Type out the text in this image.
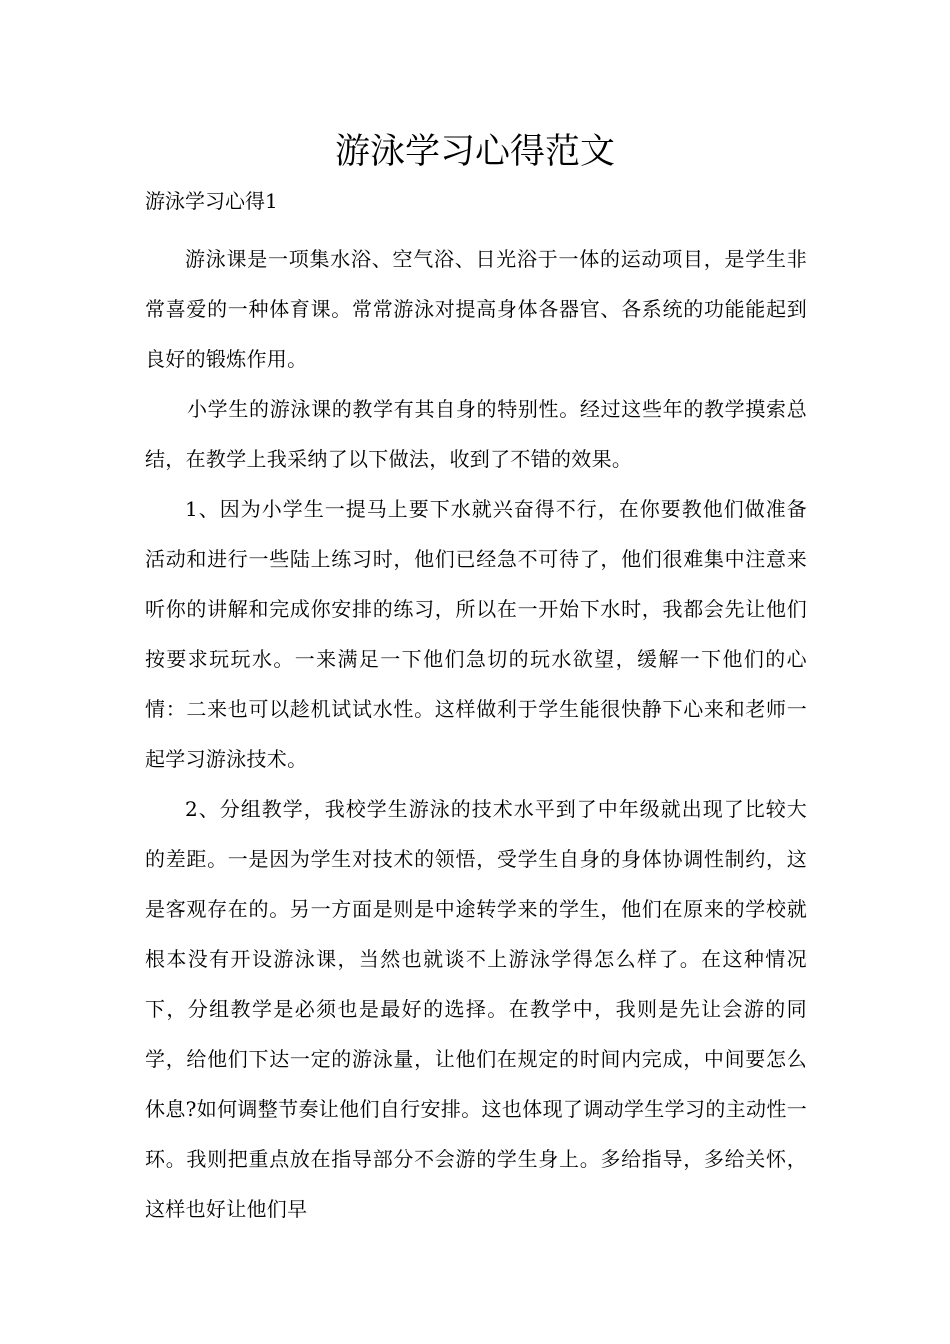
游泳学习心得范文

游泳学习心得1

游泳课是一项集水浴、空气浴、日光浴于一体的运动项目，是学生非常喜爱的一种体育课。常常游泳对提高身体各器官、各系统的功能能起到良好的锻炼作用。

小学生的游泳课的教学有其自身的特别性。经过这些年的教学摸索总结，在教学上我采纳了以下做法，收到了不错的效果。

1、因为小学生一提马上要下水就兴奋得不行，在你要教他们做准备活动和进行一些陆上练习时，他们已经急不可待了，他们很难集中注意来听你的讲解和完成你安排的练习，所以在一开始下水时，我都会先让他们按要求玩玩水。一来满足一下他们急切的玩水欲望，缓解一下他们的心情：二来也可以趁机试试水性。这样做利于学生能很快静下心来和老师一起学习游泳技术。

2、分组教学，我校学生游泳的技术水平到了中年级就出现了比较大的差距。一是因为学生对技术的领悟，受学生自身的身体协调性制约，这是客观存在的。另一方面是则是中途转学来的学生，他们在原来的学校就根本没有开设游泳课，当然也就谈不上游泳学得怎么样了。在这种情况下，分组教学是必须也是最好的选择。在教学中，我则是先让会游的同学，给他们下达一定的游泳量，让他们在规定的时间内完成，中间要怎么休息?如何调整节奏让他们自行安排。这也体现了调动学生学习的主动性一环。我则把重点放在指导部分不会游的学生身上。多给指导，多给关怀，这样也好让他们早
